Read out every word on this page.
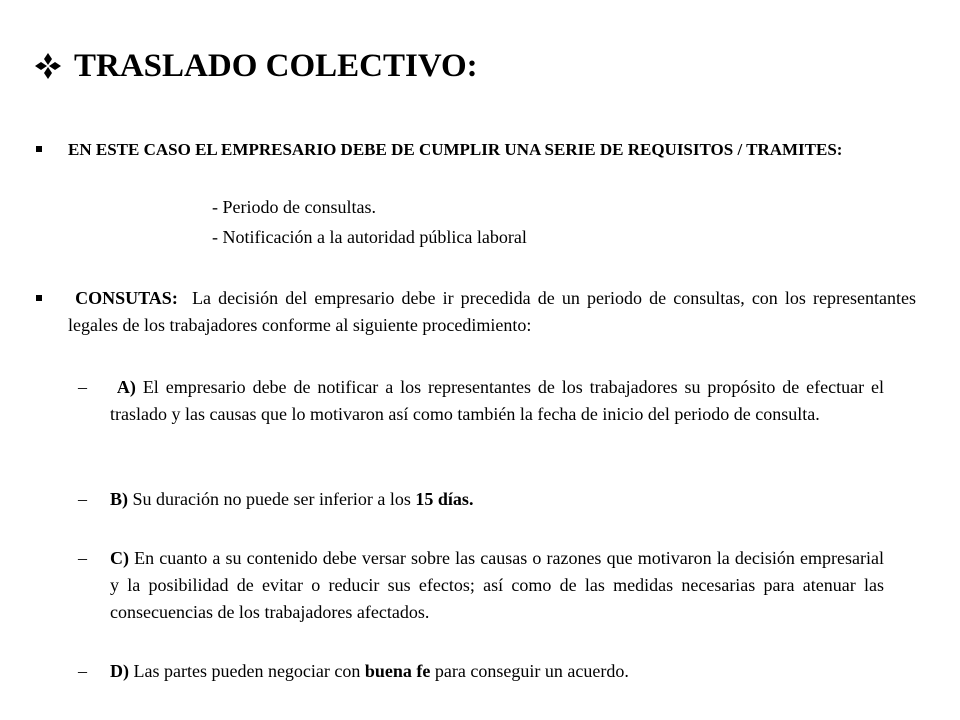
TRASLADO COLECTIVO:
EN ESTE CASO EL EMPRESARIO DEBE DE CUMPLIR UNA SERIE DE REQUISITOS / TRAMITES:
- Periodo de consultas.
- Notificación a la autoridad pública laboral
CONSUTAS: La decisión del empresario debe ir precedida de un periodo de consultas, con los representantes legales de los trabajadores conforme al siguiente procedimiento:
–	A) El empresario debe de notificar a los representantes de los trabajadores su propósito de efectuar el traslado y las causas que lo motivaron así como también la fecha de inicio del periodo de consulta.
–	B) Su duración no puede ser inferior a los 15 días.
–	C) En cuanto a su contenido debe versar sobre las causas o razones que motivaron la decisión empresarial y la posibilidad de evitar o reducir sus efectos; así como de las medidas necesarias para atenuar las consecuencias de los trabajadores afectados.
–	D) Las partes pueden negociar con buena fe para conseguir un acuerdo.
